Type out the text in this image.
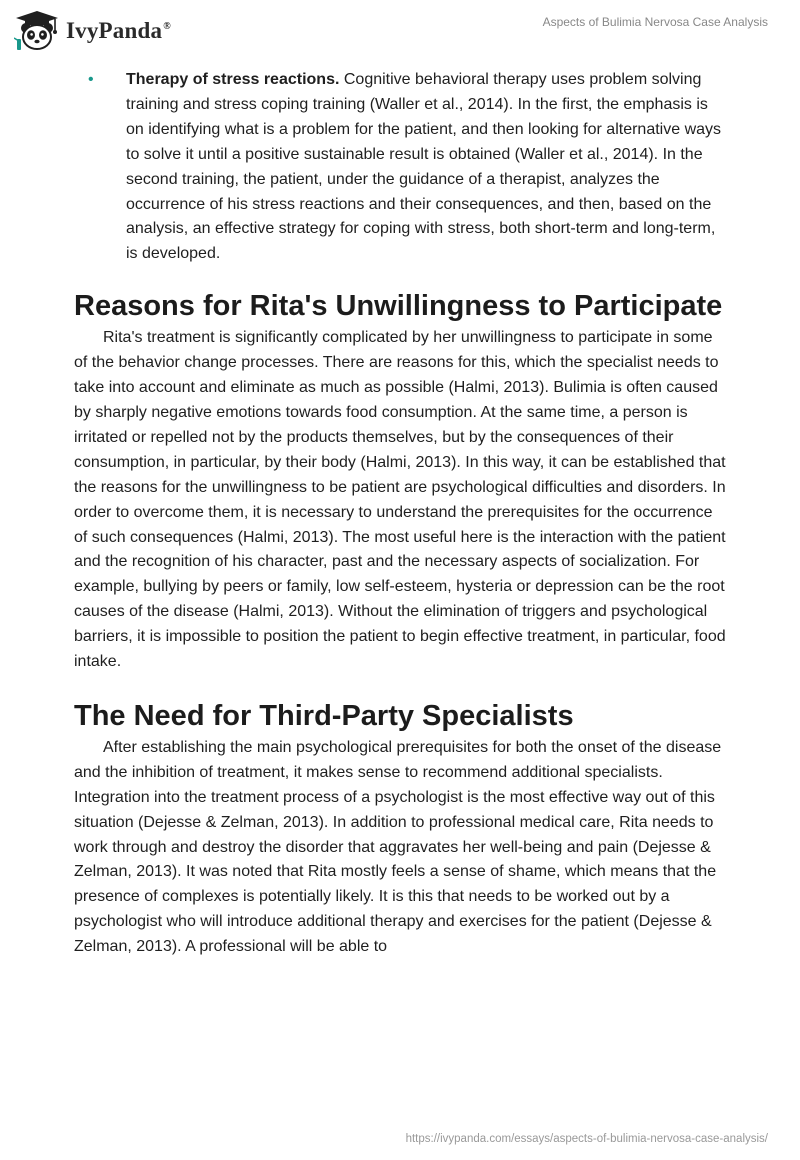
IvyPanda®	Aspects of Bulimia Nervosa Case Analysis
• Therapy of stress reactions. Cognitive behavioral therapy uses problem solving training and stress coping training (Waller et al., 2014). In the first, the emphasis is on identifying what is a problem for the patient, and then looking for alternative ways to solve it until a positive sustainable result is obtained (Waller et al., 2014). In the second training, the patient, under the guidance of a therapist, analyzes the occurrence of his stress reactions and their consequences, and then, based on the analysis, an effective strategy for coping with stress, both short-term and long-term, is developed.
Reasons for Rita's Unwillingness to Participate

Rita's treatment is significantly complicated by her unwillingness to participate in some of the behavior change processes. There are reasons for this, which the specialist needs to take into account and eliminate as much as possible (Halmi, 2013). Bulimia is often caused by sharply negative emotions towards food consumption. At the same time, a person is irritated or repelled not by the products themselves, but by the consequences of their consumption, in particular, by their body (Halmi, 2013). In this way, it can be established that the reasons for the unwillingness to be patient are psychological difficulties and disorders. In order to overcome them, it is necessary to understand the prerequisites for the occurrence of such consequences (Halmi, 2013). The most useful here is the interaction with the patient and the recognition of his character, past and the necessary aspects of socialization. For example, bullying by peers or family, low self-esteem, hysteria or depression can be the root causes of the disease (Halmi, 2013). Without the elimination of triggers and psychological barriers, it is impossible to position the patient to begin effective treatment, in particular, food intake.

The Need for Third-Party Specialists

After establishing the main psychological prerequisites for both the onset of the disease and the inhibition of treatment, it makes sense to recommend additional specialists. Integration into the treatment process of a psychologist is the most effective way out of this situation (Dejesse & Zelman, 2013). In addition to professional medical care, Rita needs to work through and destroy the disorder that aggravates her well-being and pain (Dejesse & Zelman, 2013). It was noted that Rita mostly feels a sense of shame, which means that the presence of complexes is potentially likely. It is this that needs to be worked out by a psychologist who will introduce additional therapy and exercises for the patient (Dejesse & Zelman, 2013). A professional will be able to

https://ivypanda.com/essays/aspects-of-bulimia-nervosa-case-analysis/
